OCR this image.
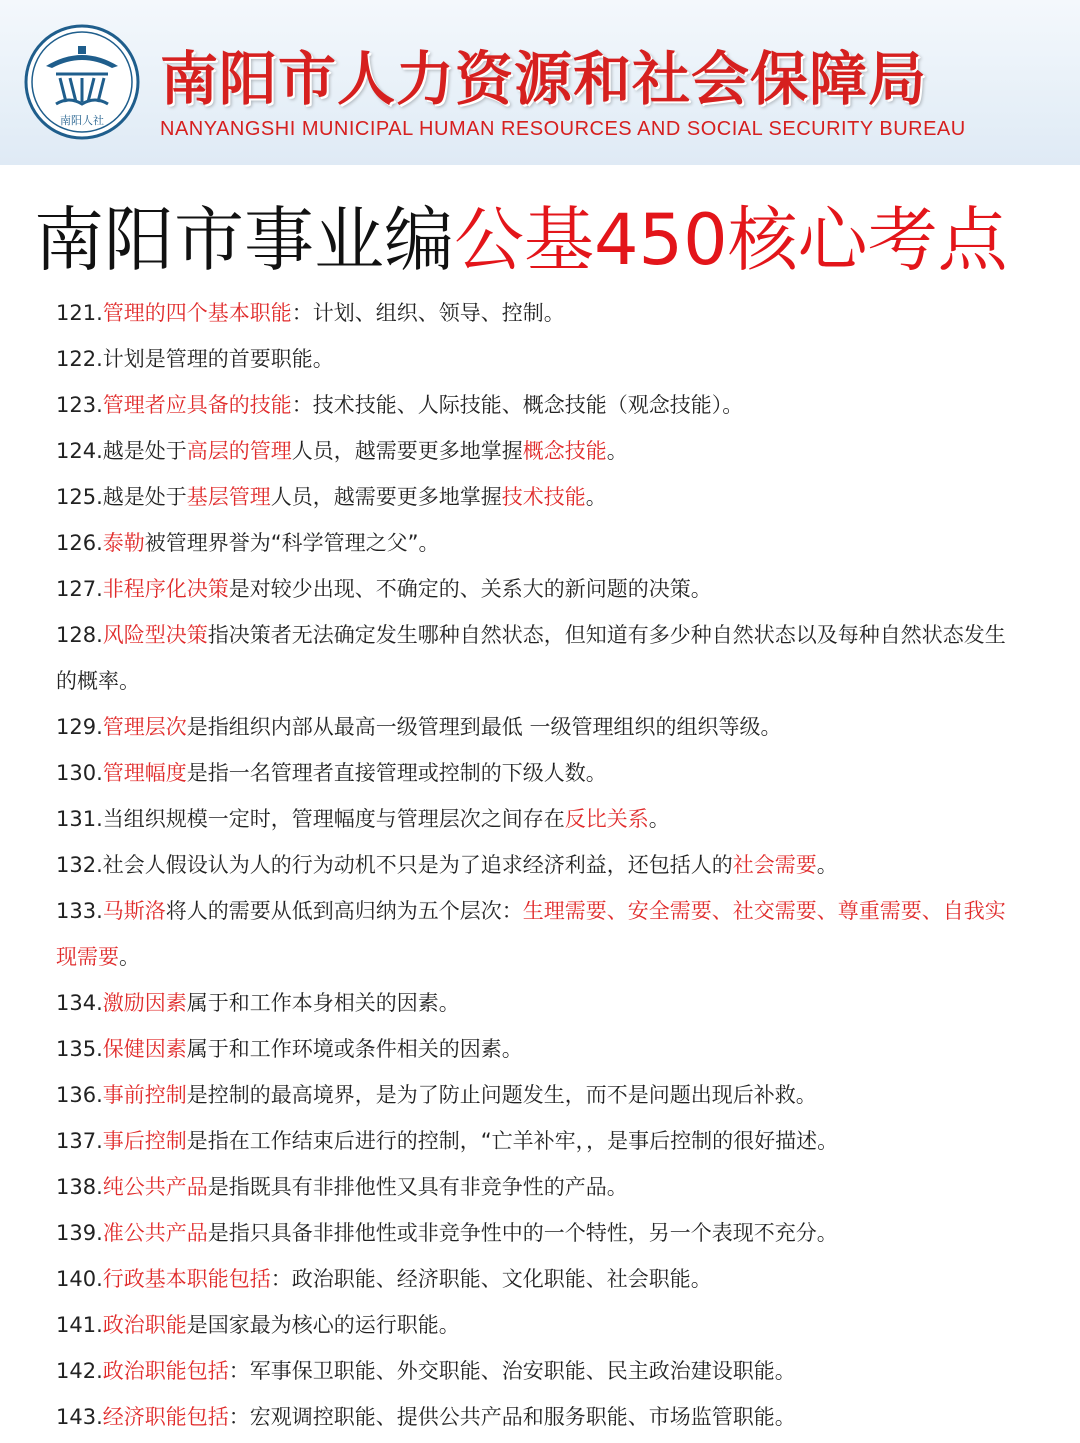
南阳人社
南阳市人力资源和社会保障局
NANYANGSHI MUNICIPAL HUMAN RESOURCES AND SOCIAL SECURITY BUREAU
南阳市事业编公基450核心考点

121.管理的四个基本职能：计划、组织、领导、控制。

122.计划是管理的首要职能。

123.管理者应具备的技能：技术技能、人际技能、概念技能（观念技能）。

124.越是处于高层的管理人员，越需要更多地掌握概念技能。

125.越是处于基层管理人员，越需要更多地掌握技术技能。

126.泰勒被管理界誉为“科学管理之父”。

127.非程序化决策是对较少出现、不确定的、关系大的新问题的决策。

128.风险型决策指决策者无法确定发生哪种自然状态，但知道有多少种自然状态以及每种自然状态发生的概率。

129.管理层次是指组织内部从最高一级管理到最低 一级管理组织的组织等级。

130.管理幅度是指一名管理者直接管理或控制的下级人数。

131.当组织规模一定时，管理幅度与管理层次之间存在反比关系。

132.社会人假设认为人的行为动机不只是为了追求经济利益，还包括人的社会需要。

133.马斯洛将人的需要从低到高归纳为五个层次：生理需要、安全需要、社交需要、尊重需要、自我实现需要。

134.激励因素属于和工作本身相关的因素。

135.保健因素属于和工作环境或条件相关的因素。

136.事前控制是控制的最高境界，是为了防止问题发生，而不是问题出现后补救。

137.事后控制是指在工作结束后进行的控制，“亡羊补牢，，是事后控制的很好描述。

138.纯公共产品是指既具有非排他性又具有非竞争性的产品。

139.准公共产品是指只具备非排他性或非竞争性中的一个特性，另一个表现不充分。

140.行政基本职能包括：政治职能、经济职能、文化职能、社会职能。

141.政治职能是国家最为核心的运行职能。

142.政治职能包括：军事保卫职能、外交职能、治安职能、民主政治建设职能。

143.经济职能包括：宏观调控职能、提供公共产品和服务职能、市场监管职能。
